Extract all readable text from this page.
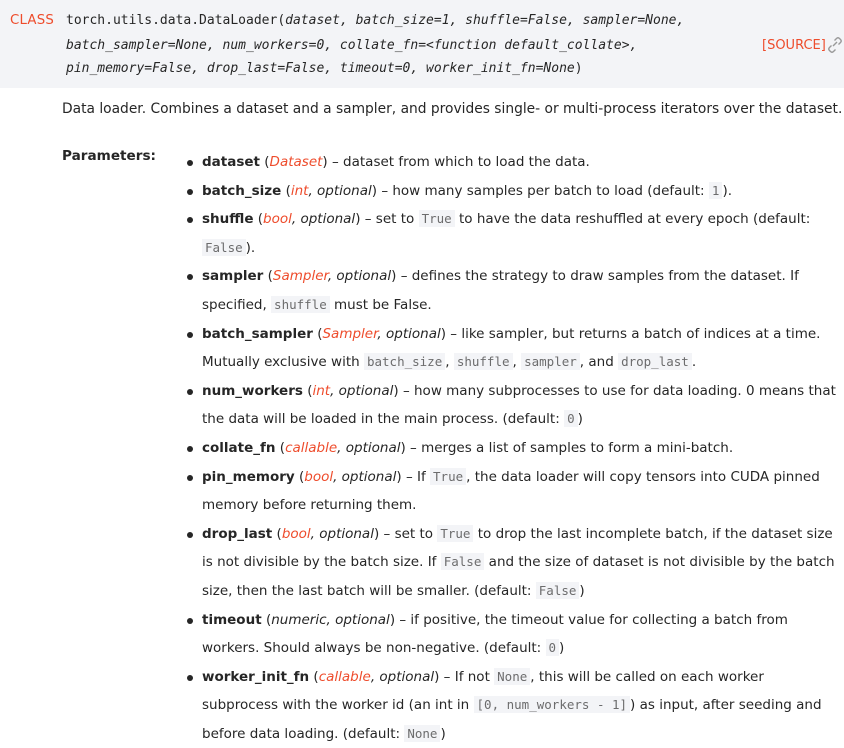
CLASS torch.utils.data.DataLoader(dataset, batch_size=1, shuffle=False, sampler=None,
batch_sampler=None, num_workers=0, collate_fn=<function default_collate>,
pin_memory=False, drop_last=False, timeout=0, worker_init_fn=None)
[SOURCE]
Data loader. Combines a dataset and a sampler, and provides single- or multi-process iterators over the dataset.
Parameters:	dataset (Dataset) – dataset from which to load the data.
batch_size (int, optional) – how many samples per batch to load (default: 1 ).
shuffle (bool, optional) – set to True to have the data reshuffled at every epoch (default: False ).
sampler (Sampler, optional) – defines the strategy to draw samples from the dataset. If specified, shuffle must be False.
batch_sampler (Sampler, optional) – like sampler, but returns a batch of indices at a time. Mutually exclusive with batch_size , shuffle , sampler , and drop_last .
num_workers (int, optional) – how many subprocesses to use for data loading. 0 means that the data will be loaded in the main process. (default: 0 )
collate_fn (callable, optional) – merges a list of samples to form a mini-batch.
pin_memory (bool, optional) – If True , the data loader will copy tensors into CUDA pinned memory before returning them.
drop_last (bool, optional) – set to True to drop the last incomplete batch, if the dataset size is not divisible by the batch size. If False and the size of dataset is not divisible by the batch size, then the last batch will be smaller. (default: False )
timeout (numeric, optional) – if positive, the timeout value for collecting a batch from workers. Should always be non-negative. (default: 0 )
worker_init_fn (callable, optional) – If not None , this will be called on each worker subprocess with the worker id (an int in [0, num_workers - 1] ) as input, after seeding and before data loading. (default: None )
